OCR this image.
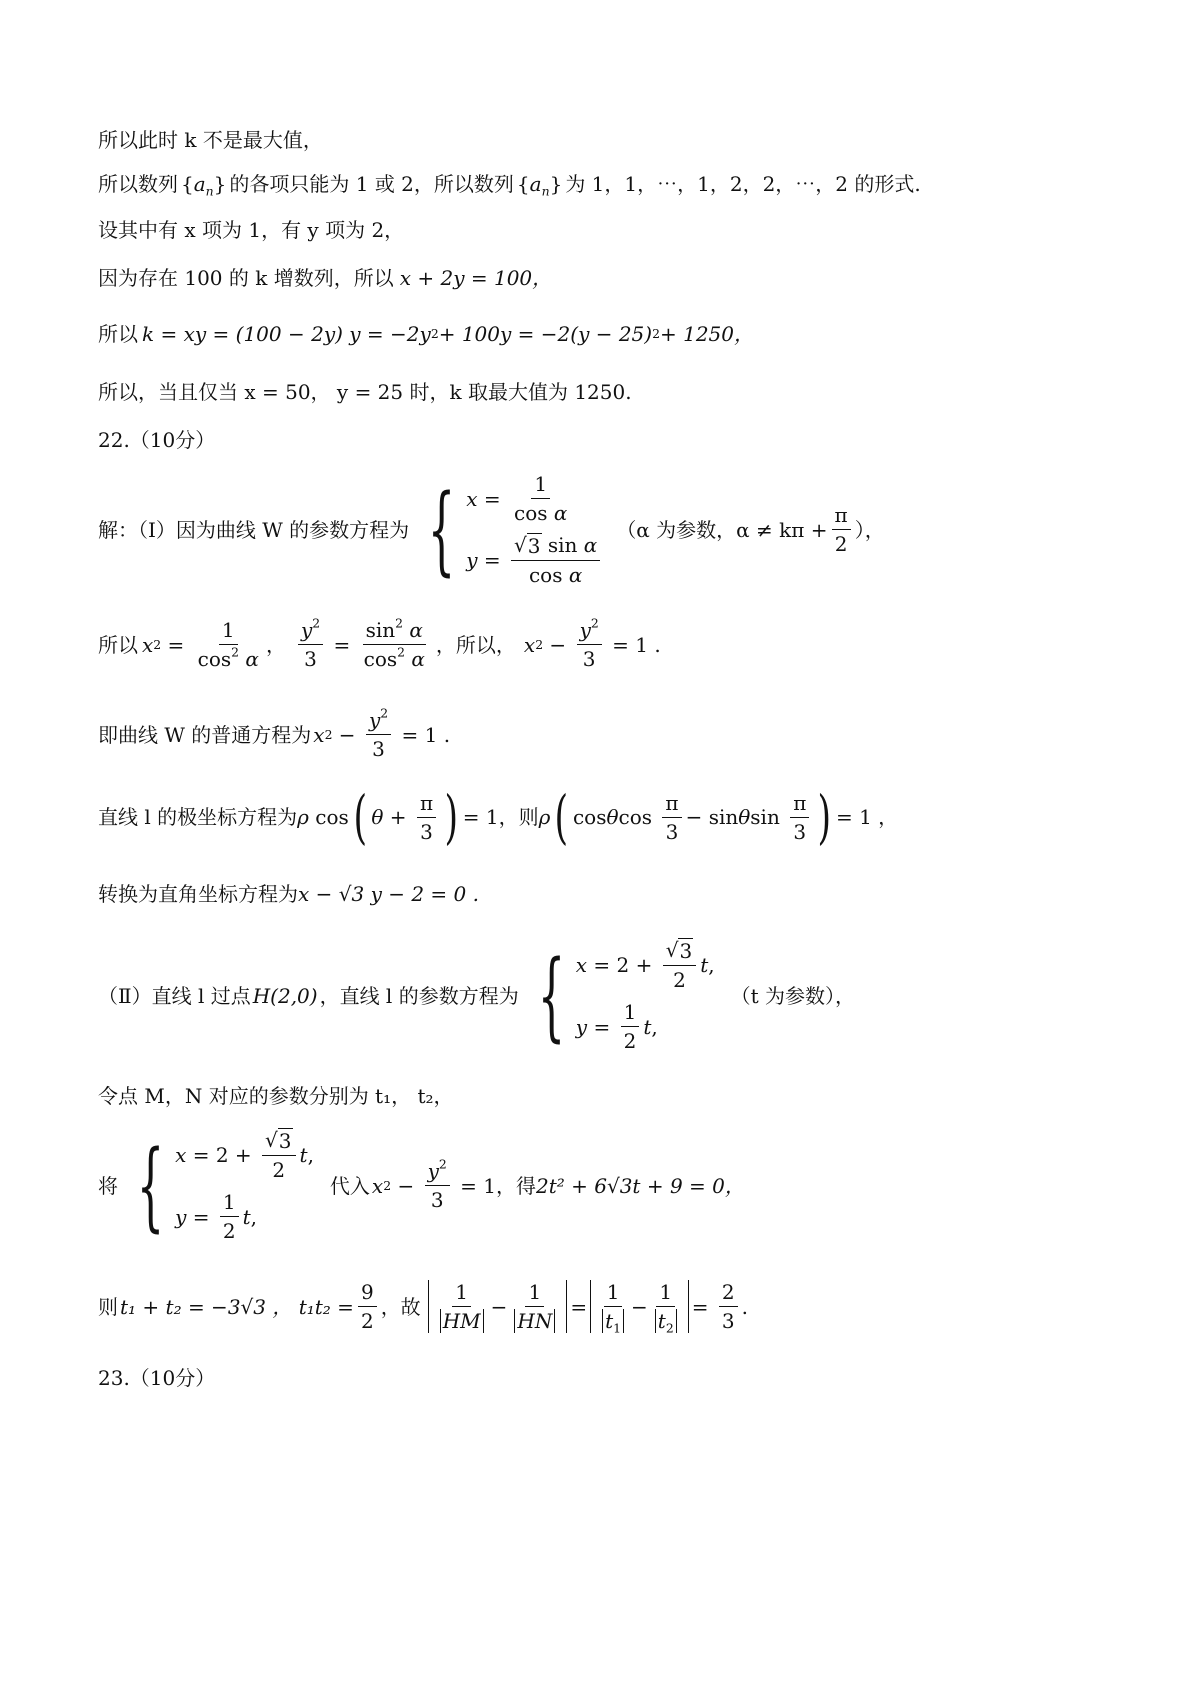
所以此时 k 不是最大值，
所以数列 $\{a_n\}$ 的各项只能为 1 或 2，所以数列 $\{a_n\}$ 为 1，1，⋯，1，2，2，⋯，2 的形式.
设其中有 x 项为 1，有 y 项为 2，
因为存在 100 的 k 增数列，所以 x + 2y = 100，
所以 k = xy = (100 − 2y) y = −2y 2 + 100y = −2(y − 25) 2 + 1250，
所以，当且仅当 x = 50， y = 25 时，k 取最大值为 1250.
22.（10分）
解：（Ⅰ）因为曲线 W 的参数方程为 { $x = \frac{1}{\text{cos α}}$
$y = \frac{\text{√ 3 sin α}}{\text{cos α}}$
（α 为参数，$\alpha \ne k\pi + \frac{\pi}{2}$ ），
所以 x $2 = \frac{1}{\cos^2 \alpha}$ ， $\frac{y^2}{3} = \frac{\sin^2 \alpha}{\cos^2 \alpha}$ ，所以， x $2 - \frac{y^2}{3} = 1$ .
即曲线 W 的普通方程为 x $2 - \frac{y^2}{3} = 1$ .
直线 l 的极坐标方程为 ρ cos ( $\theta + \frac{\pi}{3}$ ) = 1 ，则 ρ ( cos θ $\cos \frac{\pi}{3} - \sin \theta$ $\sin \frac{\pi}{3}$ ) = 1 ，
转换为直角坐标方程为 x − √3 y − 2 = 0 .
（Ⅱ）直线 l 过点 H(2,0) ，直线 l 的参数方程为 { $x = 2 + \frac{√ 3}{2}$ t ,
$y = \frac{1}{2}$ t ,
（t 为参数），
令点 M，N 对应的参数分别为 t₁， t₂，
将 { $x = 2 + \frac{√ 3}{2}$ t ,
$y = \frac{1}{2}$ t ,
代入 x $2 - \frac{y^2}{3} = 1$ ，得 2t² + 6√3t + 9 = 0，
则 t₁ + t₂ = −3√3 ， $t_1t_2 = \frac{9}{2}$ ，故 $\frac{1}{HM} - \frac{1}{HN} = \frac{1}{t_1} - \frac{1}{t_2} = \frac{2}{3}$ .
23.（10分）
